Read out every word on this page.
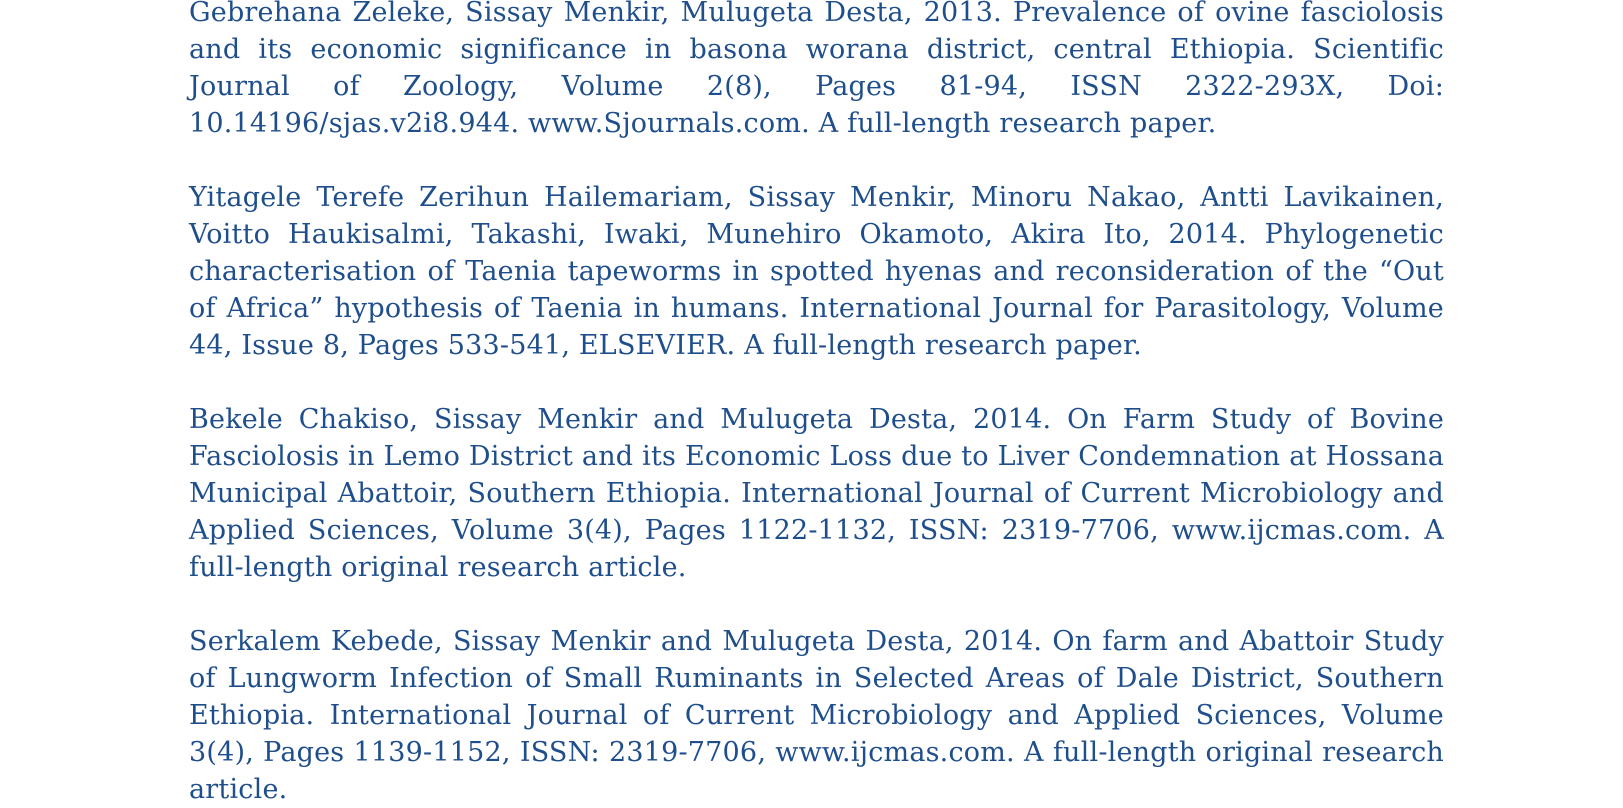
Gebrehana Zeleke, Sissay Menkir, Mulugeta Desta, 2013. Prevalence of ovine fasciolosis and its economic significance in basona worana district, central Ethiopia. Scientific Journal of Zoology, Volume 2(8), Pages 81-94, ISSN 2322-293X, Doi: 10.14196/sjas.v2i8.944. www.Sjournals.com. A full-length research paper.

Yitagele Terefe Zerihun Hailemariam, Sissay Menkir, Minoru Nakao, Antti Lavikainen, Voitto Haukisalmi, Takashi, Iwaki, Munehiro Okamoto, Akira Ito, 2014. Phylogenetic characterisation of Taenia tapeworms in spotted hyenas and reconsideration of the “Out of Africa” hypothesis of Taenia in humans. International Journal for Parasitology, Volume 44, Issue 8, Pages 533-541, ELSEVIER. A full-length research paper.

Bekele Chakiso, Sissay Menkir and Mulugeta Desta, 2014. On Farm Study of Bovine Fasciolosis in Lemo District and its Economic Loss due to Liver Condemnation at Hossana Municipal Abattoir, Southern Ethiopia. International Journal of Current Microbiology and Applied Sciences, Volume 3(4), Pages 1122-1132, ISSN: 2319-7706, www.ijcmas.com. A full-length original research article.

Serkalem Kebede, Sissay Menkir and Mulugeta Desta, 2014. On farm and Abattoir Study of Lungworm Infection of Small Ruminants in Selected Areas of Dale District, Southern Ethiopia. International Journal of Current Microbiology and Applied Sciences, Volume 3(4), Pages 1139-1152, ISSN: 2319-7706, www.ijcmas.com. A full-length original research article.
